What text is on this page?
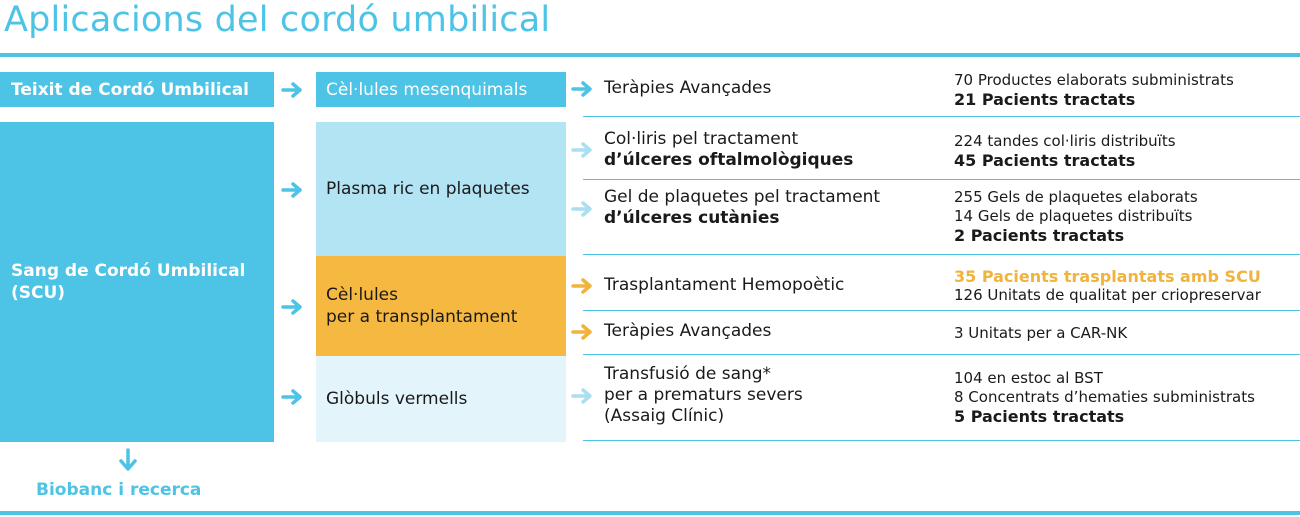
Aplicacions del cordó umbilical
Teixit de Cordó Umbilical
Sang de Cordó Umbilical
(SCU)
Cèl·lules mesenquimals
Plasma ric en plaquetes
Cèl·lules
per a transplantament
Glòbuls vermells
Teràpies Avançades
Col·liris pel tractament
d’úlceres oftalmològiques
Gel de plaquetes pel tractament
d’úlceres cutànies
Trasplantament Hemopoètic
Teràpies Avançades
Transfusió de sang*
per a prematurs severs
(Assaig Clínic)
70 Productes elaborats subministrats
21 Pacients tractats
224 tandes col·liris distribuïts
45 Pacients tractats
255 Gels de plaquetes elaborats
14 Gels de plaquetes distribuïts
2 Pacients tractats
35 Pacients trasplantats amb SCU
126 Unitats de qualitat per criopreservar
3 Unitats per a CAR-NK
104 en estoc al BST
8 Concentrats d’hematies subministrats
5 Pacients tractats
Biobanc i recerca
